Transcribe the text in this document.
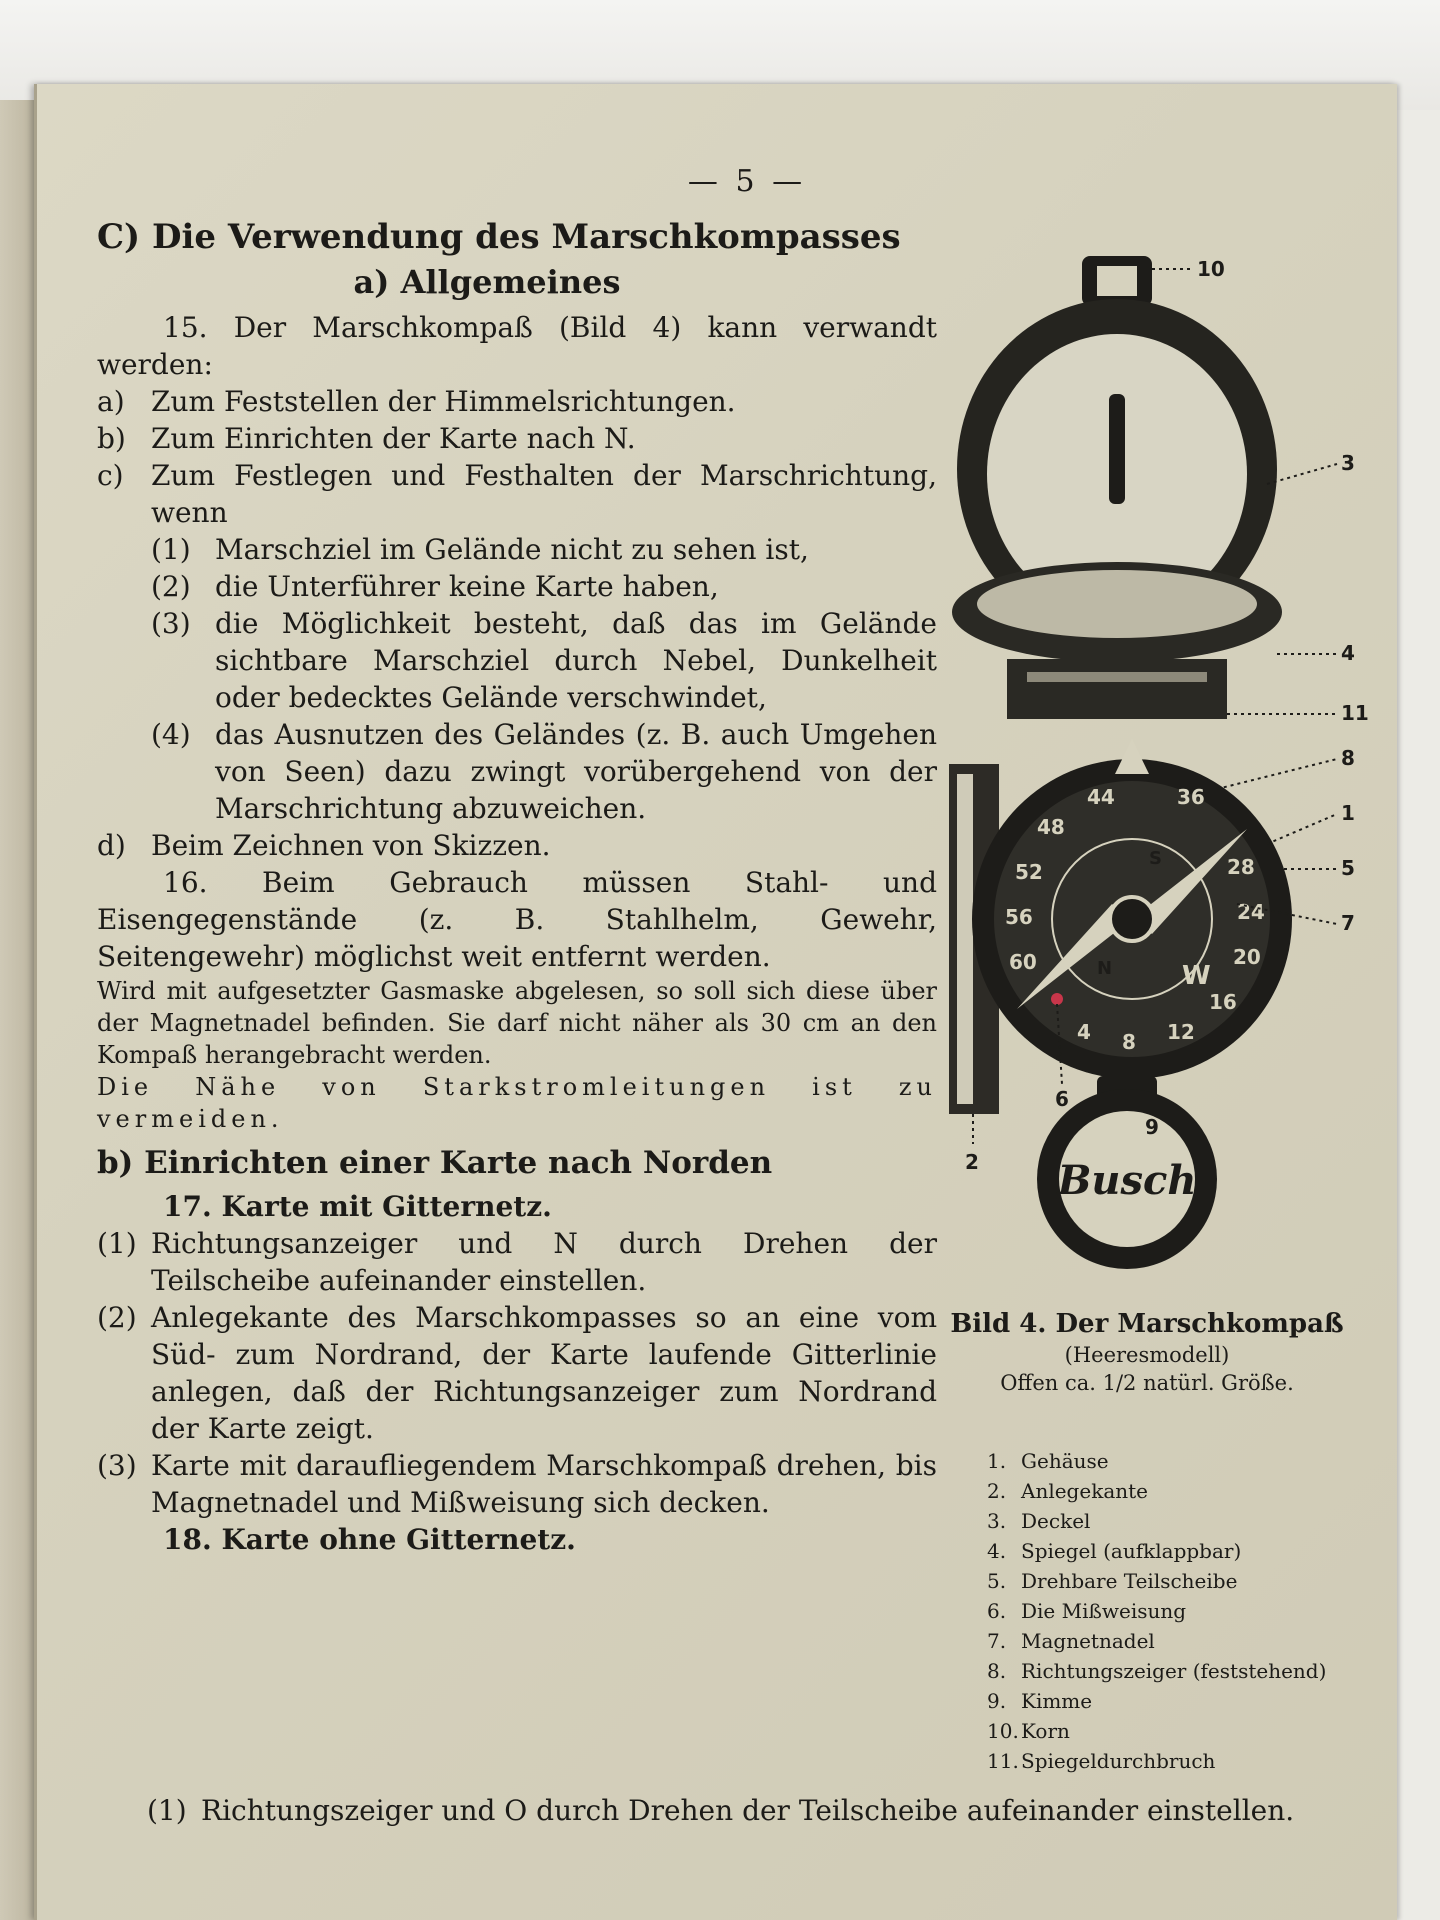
— 5 —

C) Die Verwendung des Marschkompasses

a) Allgemeines

15. Der Marschkompaß (Bild 4) kann verwandt werden:

a) Zum Feststellen der Himmelsrichtungen.
b) Zum Einrichten der Karte nach N.
c) Zum Festlegen und Festhalten der Marschrichtung, wenn
(1) Marschziel im Gelände nicht zu sehen ist,
(2) die Unterführer keine Karte haben,
(3) die Möglichkeit besteht, daß das im Gelände sichtbare Marschziel durch Nebel, Dunkelheit oder bedecktes Gelände verschwindet,
(4) das Ausnutzen des Geländes (z. B. auch Umgehen von Seen) dazu zwingt vorübergehend von der Marschrichtung abzuweichen.
d) Beim Zeichnen von Skizzen.

16. Beim Gebrauch müssen Stahl- und Eisengegenstände (z. B. Stahlhelm, Gewehr, Seitengewehr) möglichst weit entfernt werden.

Wird mit aufgesetzter Gasmaske abgelesen, so soll sich diese über der Magnetnadel befinden. Sie darf nicht näher als 30 cm an den Kompaß herangebracht werden.

Die Nähe von Starkstromleitungen ist zu vermeiden.

b) Einrichten einer Karte nach Norden

17. Karte mit Gitternetz.

(1) Richtungsanzeiger und N durch Drehen der Teilscheibe aufeinander einstellen.
(2) Anlegekante des Marschkompasses so an eine vom Süd- zum Nordrand, der Karte laufende Gitterlinie anlegen, daß der Richtungsanzeiger zum Nordrand der Karte zeigt.
(3) Karte mit daraufliegendem Marschkompaß drehen, bis Magnetnadel und Mißweisung sich decken.

18. Karte ohne Gitternetz.

44	36
48
52
56
60
28
24
20
16
12
8
4
W
S
N
Busch
10
3
4
11
8
1
5
7
2
6
9

Bild 4. Der Marschkompaß

(Heeresmodell)

Offen ca. 1/2 natürl. Größe.

1. Gehäuse
2. Anlegekante
3. Deckel
4. Spiegel (aufklappbar)
5. Drehbare Teilscheibe
6. Die Mißweisung
7. Magnetnadel
8. Richtungszeiger (feststehend)
9. Kimme
10. Korn
11. Spiegeldurchbruch
(1) Richtungszeiger und O durch Drehen der Teilscheibe aufeinander einstellen.
